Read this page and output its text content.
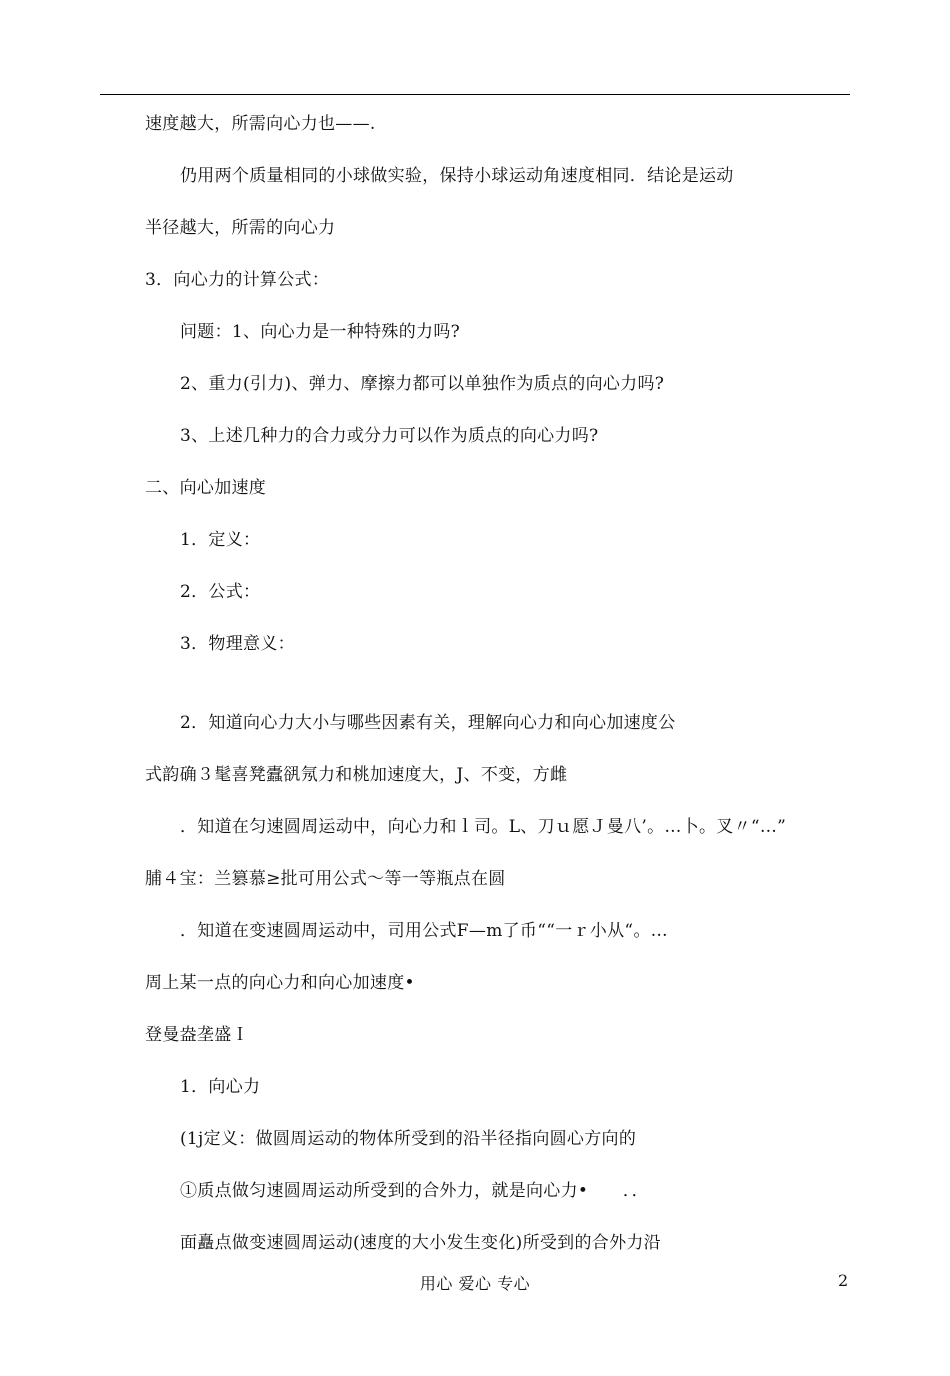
速度越大，所需向心力也——.
仍用两个质量相同的小球做实验，保持小球运动角速度相同．结论是运动
半径越大，所需的向心力
3．向心力的计算公式：
问题：1、向心力是一种特殊的力吗?
2、重力(引力)、弹力、摩擦力都可以单独作为质点的向心力吗?
3、上述几种力的合力或分力可以作为质点的向心力吗?
二、向心加速度
1．定义：
2．公式：
3．物理意义：
2．知道向心力大小与哪些因素有关，理解向心力和向心加速度公
式韵确３髦喜凳蠹谻氖力和桃加速度大，J、不变，方雌
．知道在匀速圆周运动中，向心力和ｌ司。L、刀ｕ愿Ｊ曼八’。…卜。叉〃“…”
脯４宝：兰篡慕≥批可用公式～等一等瓶点在圆
．知道在变速圆周运动中，司用公式F—m了币““一ｒ小从“。…
周上某一点的向心力和向心加速度•
登曼盎垄盛Ｉ
1．向心力
(1j定义：做圆周运动的物体所受到的沿半径指向圆心方向的
①质点做匀速圆周运动所受到的合外力，就是向心力•　　．．
面矗点做变速圆周运动(速度的大小发生变化)所受到的合外力沿
用心 爱心 专心	2
